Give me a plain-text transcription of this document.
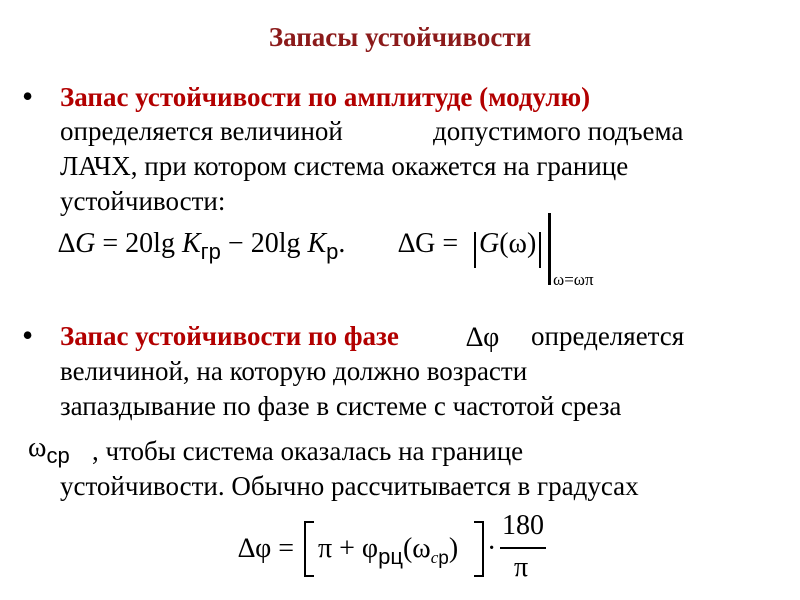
Запасы устойчивости
• Запас устойчивости по амплитуде (модулю)
определяется величиной	допустимого подъема
ЛАЧХ, при котором система окажется на границе
устойчивости:
∆G = 20lg $K_{гр} - 20\lg$ $K_р$. ∆G = G(ω)
ω=ωπ
• Запас устойчивости по фазе ∆φ определяется
величиной, на которую должно возрасти
запаздывание по фазе в системе с частотой среза
$\omega_{ср}$ , чтобы система оказалась на границе
устойчивости. Обычно рассчитывается в градусах
$\Delta\varphi = \pi + \varphi_{рц}(\omega_{cр})$ ·
180
π
